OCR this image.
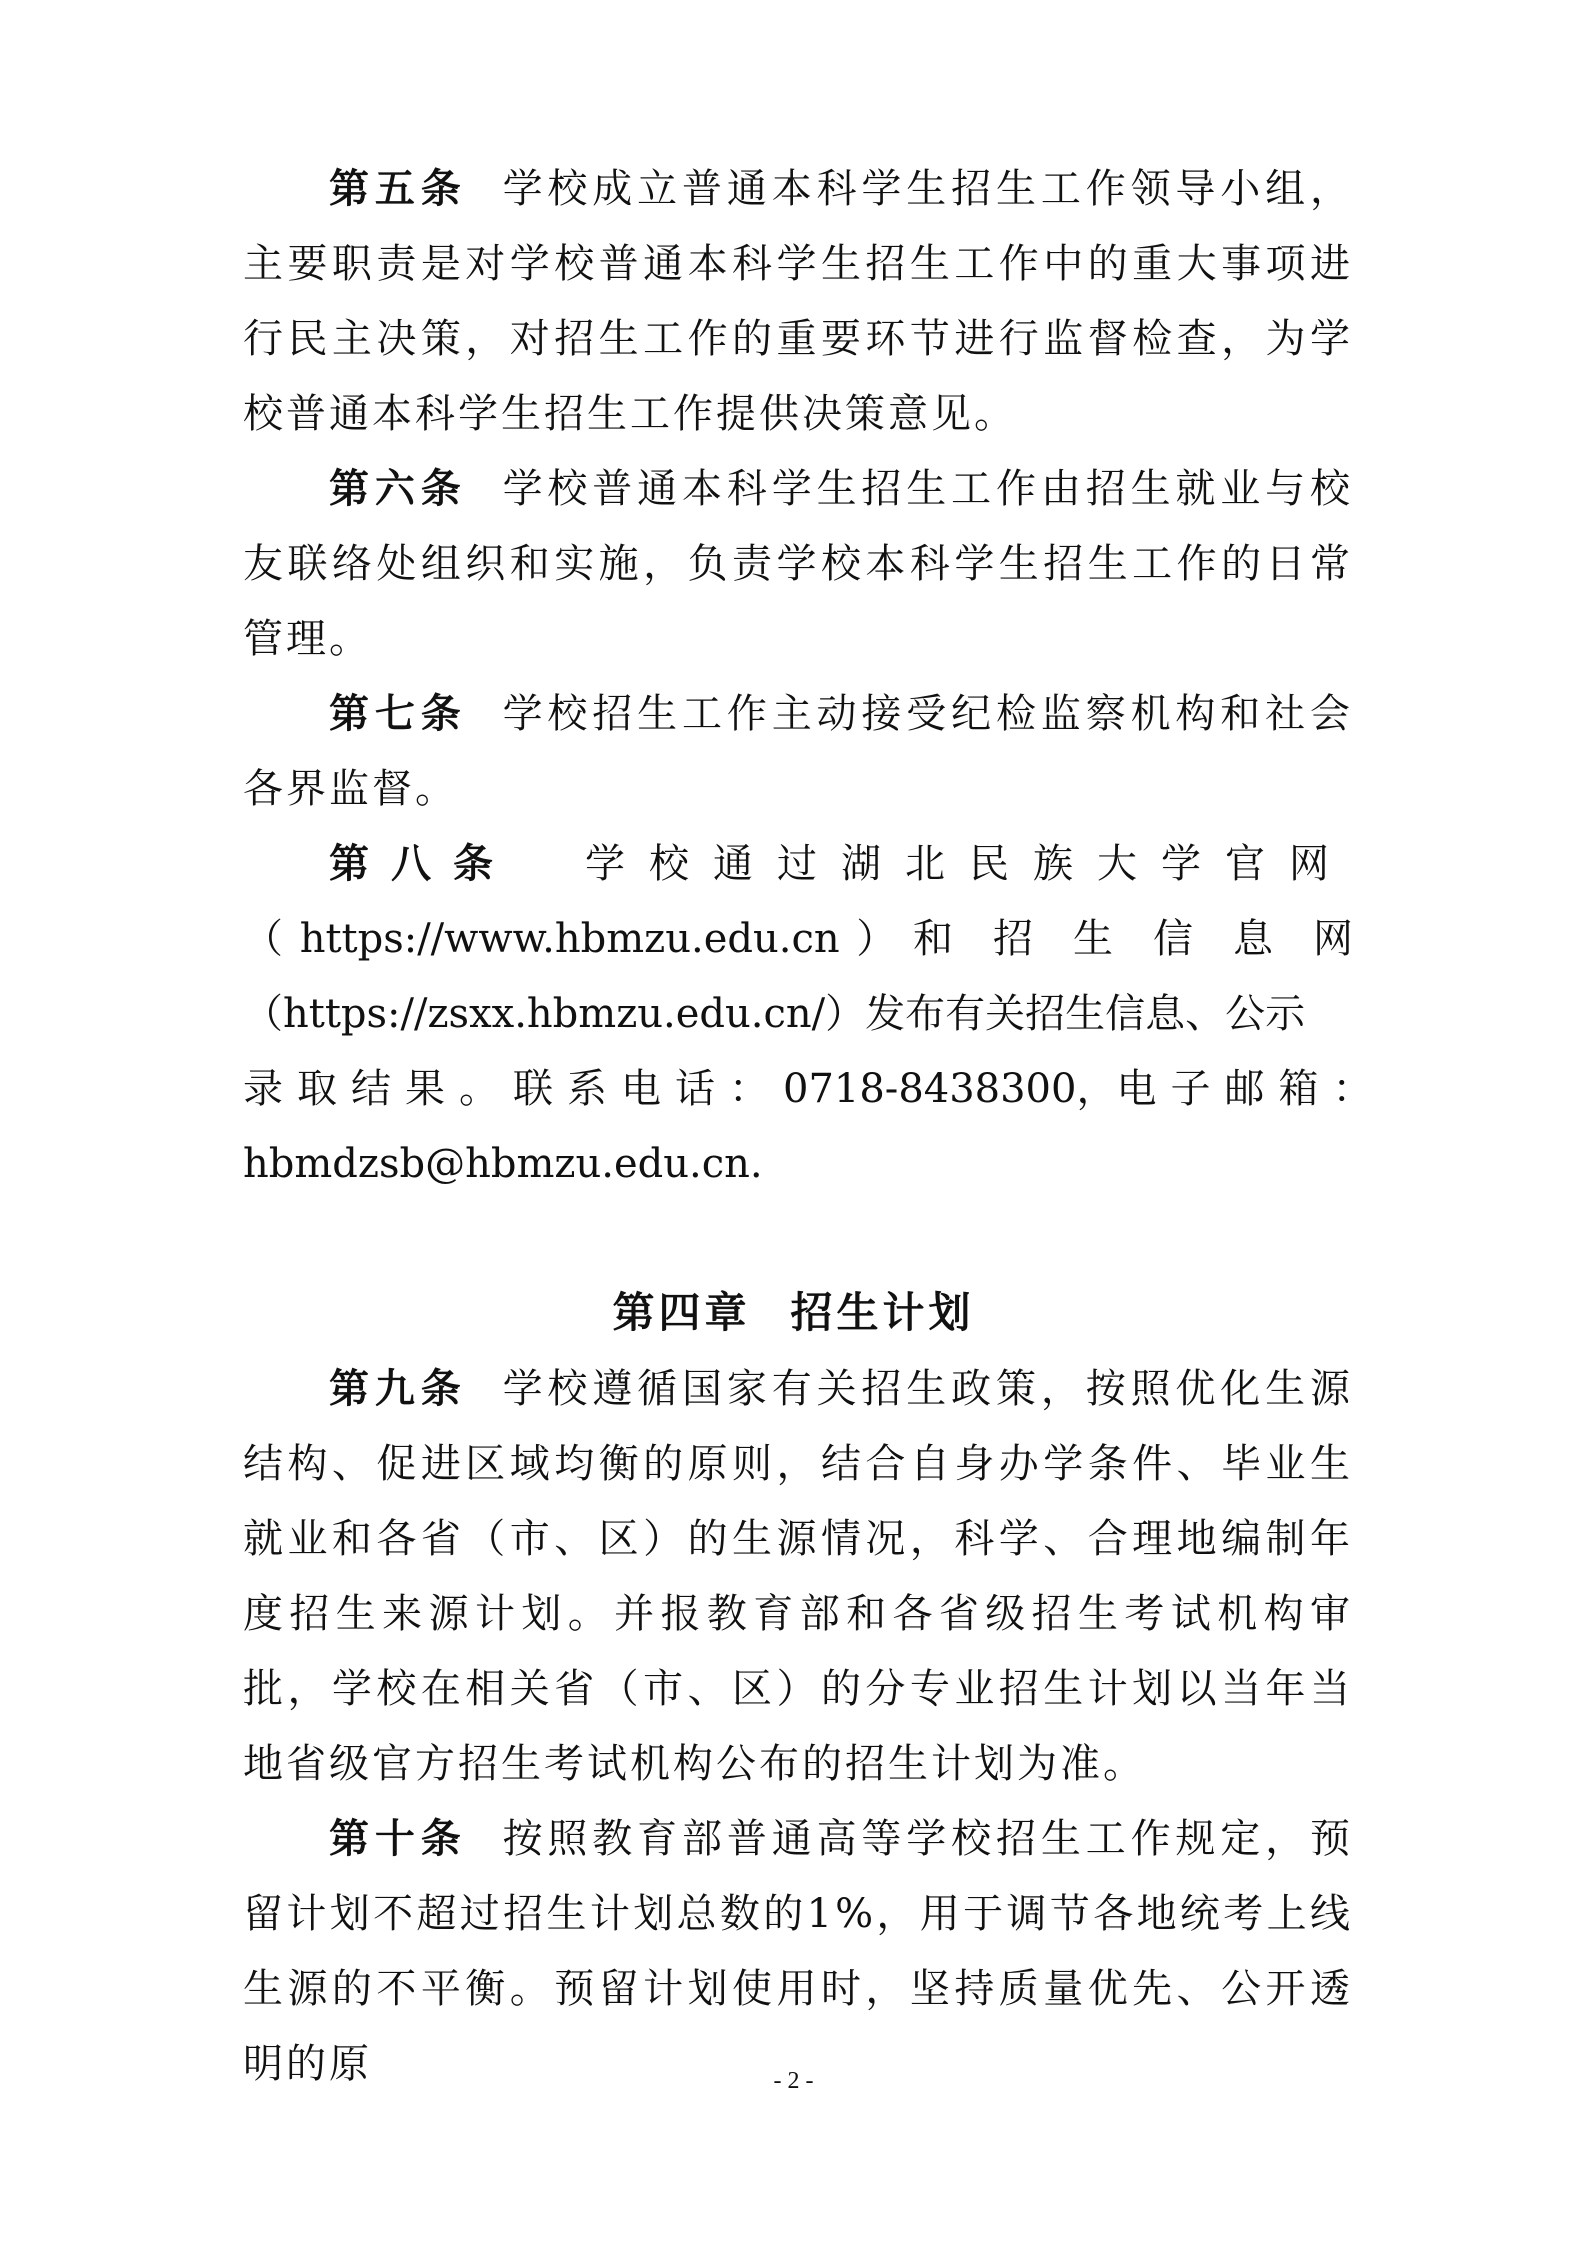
第五条 学校成立普通本科学生招生工作领导小组，主要职责是对学校普通本科学生招生工作中的重大事项进行民主决策，对招生工作的重要环节进行监督检查，为学校普通本科学生招生工作提供决策意见。

第六条 学校普通本科学生招生工作由招生就业与校友联络处组织和实施，负责学校本科学生招生工作的日常管理。

第七条 学校招生工作主动接受纪检监察机构和社会各界监督。

第八条 学校通过湖北民族大学官网
（ https://www.hbmzu.edu.cn ） 和招生信息网
（https://zsxx.hbmzu.edu.cn/）发布有关招生信息、公示
录取结果。联系电话： 0718-8438300 ， 电子邮箱：
hbmdzsb@hbmzu.edu.cn.

第四章 招生计划

第九条 学校遵循国家有关招生政策，按照优化生源结构、促进区域均衡的原则，结合自身办学条件、毕业生就业和各省（市、区）的生源情况，科学、合理地编制年度招生来源计划。并报教育部和各省级招生考试机构审批，学校在相关省（市、区）的分专业招生计划以当年当地省级官方招生考试机构公布的招生计划为准。

第十条 按照教育部普通高等学校招生工作规定，预留计划不超过招生计划总数的1%，用于调节各地统考上线生源的不平衡。预留计划使用时，坚持质量优先、公开透明的原	- 2 -
